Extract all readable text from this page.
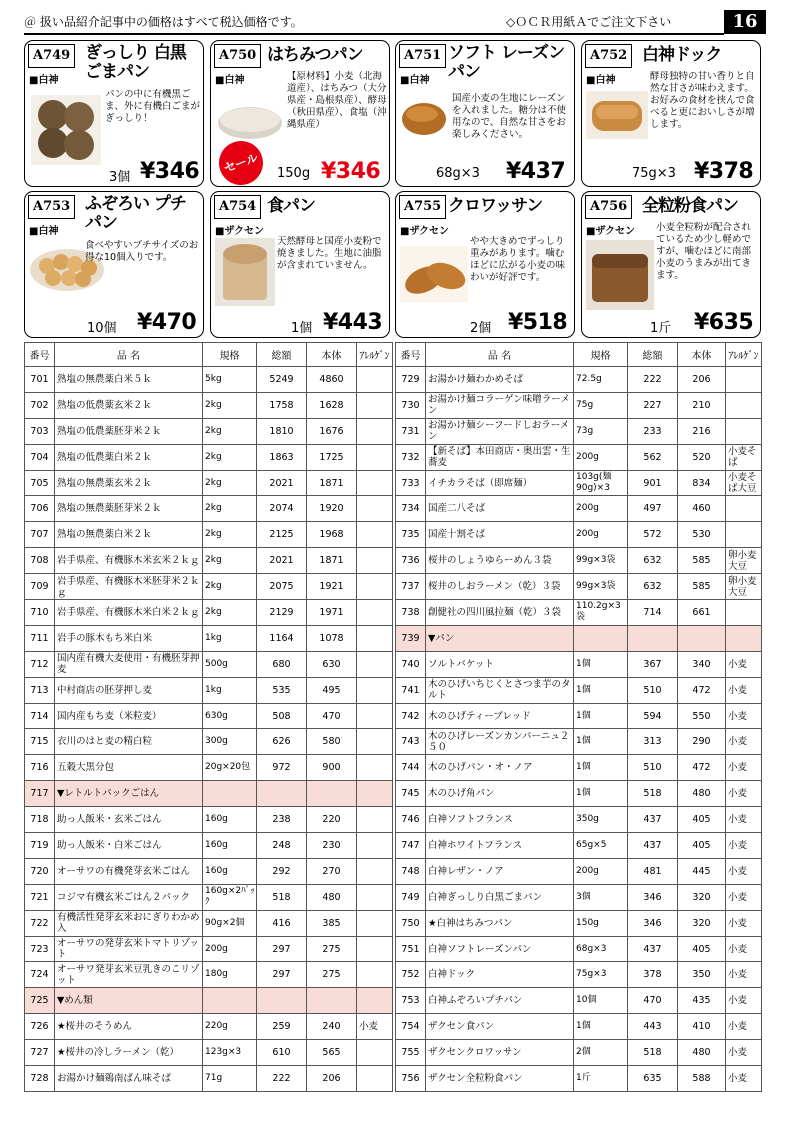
＠ 扱い品紹介記事中の価格はすべて税込価格です。	◇ＯＣＲ用紙Ａでご注文下さい	16
A749 ぎっしり 白黒ごまパン
■白神
パンの中に有機黒ごま、外に有機白ごまがぎっしり！
3個 ¥346
A750 はちみつパン
■白神	【原材料】小麦（北海道産）、はちみつ（大分県産・島根県産）、酵母（秋田県産）、食塩（沖縄県産）
セール	150g ¥346
A751 ソフト レーズンパン
■白神
国産小麦の生地にレーズンを入れました。糖分は不使用なので、自然な甘さをお楽しみください。
68g×3 ¥437
A752 白神ドック
■白神	酵母独特の甘い香りと自然な甘さが味わえます。お好みの食材を挟んで食べると更においしさが増します。
75g×3 ¥378
A753 ふぞろい プチパン
■白神
食べやすいプチサイズのお得な10個入りです。
10個 ¥470
A754 食パン
■ザクセン
天然酵母と国産小麦粉で焼きました。生地に油脂が含まれていません。
1個 ¥443
A755 クロワッサン
■ザクセン
やや大きめでずっしり重みがあります。噛むほどに広がる小麦の味わいが好評です。
2個 ¥518
A756 全粒粉食パン
■ザクセン 小麦全粒粉が配合されているため少し軽めですが、噛むほどに南部小麦のうまみが出てきます。
1斤 ¥635
番号	品 名	規格	総額	本体	ｱﾚﾙｹﾞﾝ
701	熟塩の無農薬白米５ｋ	5kg	5249	4860	
702	熟塩の低農薬玄米２ｋ	2kg	1758	1628	
703	熟塩の低農薬胚芽米２ｋ	2kg	1810	1676	
704	熟塩の低農薬白米２ｋ	2kg	1863	1725	
705	熟塩の無農薬玄米２ｋ	2kg	2021	1871	
706	熟塩の無農薬胚芽米２ｋ	2kg	2074	1920	
707	熟塩の無農薬白米２ｋ	2kg	2125	1968	
708	岩手県産、有機豚木米玄米２ｋｇ	2kg	2021	1871	
709	岩手県産、有機豚木米胚芽米２ｋｇ	2kg	2075	1921	
710	岩手県産、有機豚木米白米２ｋｇ	2kg	2129	1971	
711	岩手の豚木もち米白米	1kg	1164	1078	
712	国内産有機大麦使用・有機胚芽押麦	500g	680	630	
713	中村商店の胚芽押し麦	1kg	535	495	
714	国内産もち麦（米粒麦）	630g	508	470	
715	衣川のはと麦の精白粒	300g	626	580	
716	五穀大黒分包	20g×20包	972	900	
717	▼レトルトパックごはん				
718	助っ人飯米・玄米ごはん	160g	238	220	
719	助っ人飯米・白米ごはん	160g	248	230	
720	オーサワの有機発芽玄米ごはん	160g	292	270	
721	コジマ有機玄米ごはん２パック	160g×2ﾊﾟｯｸ	518	480	
722	有機活性発芽玄米おにぎりわかめ入	90g×2個	416	385	
723	オーサワの発芽玄米トマトリゾット	200g	297	275	
724	オーサワ発芽玄米豆乳きのこリゾット	180g	297	275	
725	▼めん類				
726	★桜井のそうめん	220g	259	240	小麦
727	★桜井の冷しラーメン（乾）	123g×3	610	565	
728	お湯かけ麺鶏南ばん味そば	71g	222	206	
番号	品 名	規格	総額	本体	ｱﾚﾙｹﾞﾝ
729	お湯かけ麺わかめそば	72.5g	222	206	
730	お湯かけ麺コラーゲン味噌ラーメン	75g	227	210	
731	お湯かけ麺シーフードしおラーメン	73g	233	216	
732	【新そば】本田商店・奥出雲・生蕎麦	200g	562	520	小麦そば
733	イチカラそば（即席麺）	103g(麺90g)×3	901	834	小麦そば大豆
734	国産二八そば	200g	497	460	
735	国産十割そば	200g	572	530	
736	桜井のしょうゆらーめん３袋	99g×3袋	632	585	卵小麦大豆
737	桜井のしおラーメン（乾）３袋	99g×3袋	632	585	卵小麦大豆
738	創健社の四川風拉麺（乾）３袋	110.2g×3袋	714	661	
739	▼パン				
740	ソルトバケット	1個	367	340	小麦
741	木のひげいちじくとさつま芋のタルト	1個	510	472	小麦
742	木のひげティーブレッド	1個	594	550	小麦
743	木のひげレーズンカンパーニュ２５０	1個	313	290	小麦
744	木のひげパン・オ・ノア	1個	510	472	小麦
745	木のひげ角パン	1個	518	480	小麦
746	白神ソフトフランス	350g	437	405	小麦
747	白神ホワイトフランス	65g×5	437	405	小麦
748	白神レザン・ノア	200g	481	445	小麦
749	白神ぎっしり白黒ごまパン	3個	346	320	小麦
750	★白神はちみつパン	150g	346	320	小麦
751	白神ソフトレーズンパン	68g×3	437	405	小麦
752	白神ドック	75g×3	378	350	小麦
753	白神ふぞろいプチパン	10個	470	435	小麦
754	ザクセン食パン	1個	443	410	小麦
755	ザクセンクロワッサン	2個	518	480	小麦
756	ザクセン全粒粉食パン	1斤	635	588	小麦
